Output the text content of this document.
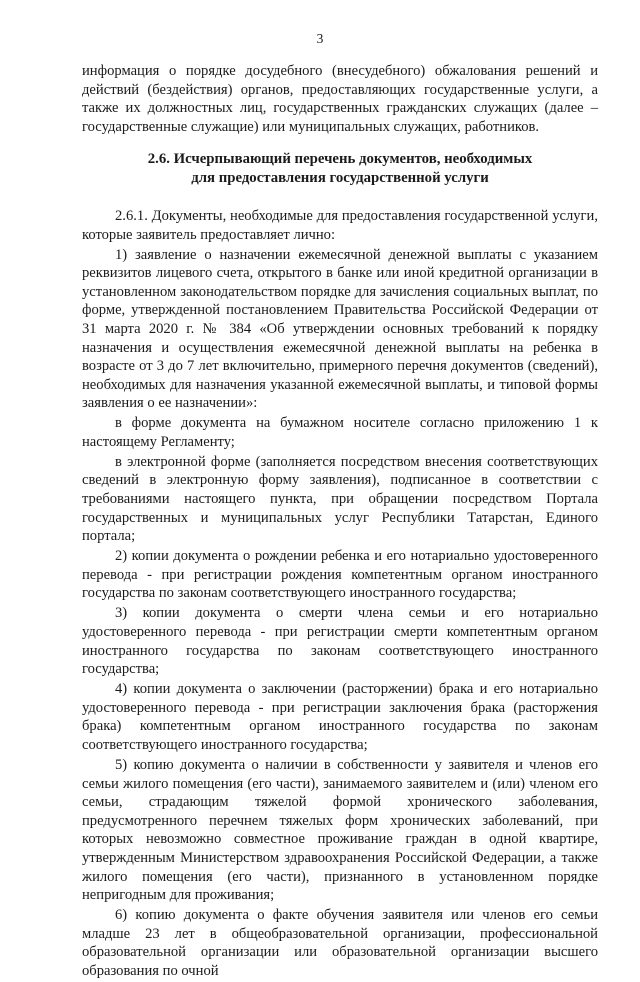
3

информация о порядке досудебного (внесудебного) обжалования решений и действий (бездействия) органов, предоставляющих государственные услуги, а также их должностных лиц, государственных гражданских служащих (далее – государственные служащие) или муниципальных служащих, работников.

2.6. Исчерпывающий перечень документов, необходимых
для предоставления государственной услуги

2.6.1. Документы, необходимые для предоставления государственной услуги, которые заявитель предоставляет лично:

1) заявление о назначении ежемесячной денежной выплаты с указанием реквизитов лицевого счета, открытого в банке или иной кредитной организации в установленном законодательством порядке для зачисления социальных выплат, по форме, утвержденной постановлением Правительства Российской Федерации от 31 марта 2020 г. № 384 «Об утверждении основных требований к порядку назначения и осуществления ежемесячной денежной выплаты на ребенка в возрасте от 3 до 7 лет включительно, примерного перечня документов (сведений), необходимых для назначения указанной ежемесячной выплаты, и типовой формы заявления о ее назначении»:

в форме документа на бумажном носителе согласно приложению 1 к настоящему Регламенту;

в электронной форме (заполняется посредством внесения соответствующих сведений в электронную форму заявления), подписанное в соответствии с требованиями настоящего пункта, при обращении посредством Портала государственных и муниципальных услуг Республики Татарстан, Единого портала;

2) копии документа о рождении ребенка и его нотариально удостоверенного перевода - при регистрации рождения компетентным органом иностранного государства по законам соответствующего иностранного государства;

3) копии документа о смерти члена семьи и его нотариально удостоверенного перевода - при регистрации смерти компетентным органом иностранного государства по законам соответствующего иностранного государства;

4) копии документа о заключении (расторжении) брака и его нотариально удостоверенного перевода - при регистрации заключения брака (расторжения брака) компетентным органом иностранного государства по законам соответствующего иностранного государства;

5) копию документа о наличии в собственности у заявителя и членов его семьи жилого помещения (его части), занимаемого заявителем и (или) членом его семьи, страдающим тяжелой формой хронического заболевания, предусмотренного перечнем тяжелых форм хронических заболеваний, при которых невозможно совместное проживание граждан в одной квартире, утвержденным Министерством здравоохранения Российской Федерации, а также жилого помещения (его части), признанного в установленном порядке непригодным для проживания;

6) копию документа о факте обучения заявителя или членов его семьи младше 23 лет в общеобразовательной организации, профессиональной образовательной организации или образовательной организации высшего образования по очной
